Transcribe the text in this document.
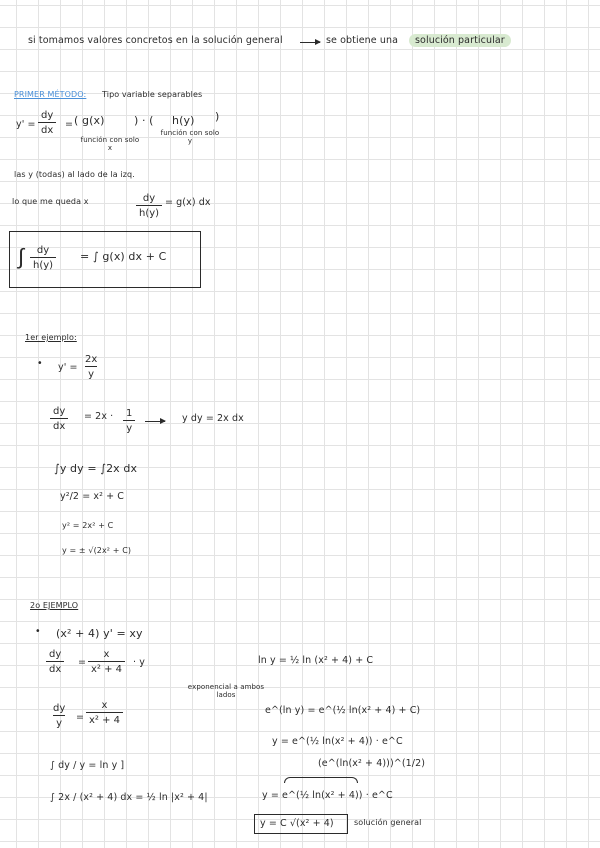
si tomamos valores concretos en la solución general	se obtiene una	solución particular
PRIMER MÉTODO: Tipo variable separables
$y' = \frac{dy}{dx}$ = ( g(x)	) · ( h(y) )
función con solo x
función con solo y
las y (todas) al lado de la izq.
lo que me queda x	$\frac{dy}{h(y)} = g(x)$ dx
∫ $\frac{dy}{h(y)}$ = ∫ g(x) dx + C
1er ejemplo:
• $y' = \frac{2x}{y}$
$\frac{dy}{dx} = 2x \cdot \frac{1}{y}$	y dy = 2x dx
∫y dy = ∫2x dx
y²/2 = x² + C
y² = 2x² + C
y = ± √(2x² + C)
2o EJEMPLO
• (x² + 4) y' = xy
$\frac{dy}{dx} = \frac{x}{\text{x² + 4}} \cdot y$
$\frac{dy}{y} = \frac{x}{\text{x² + 4}}$
∫ dy / y = ln y ]
∫ 2x / (x² + 4) dx = ½ ln |x² + 4|
ln y = ½ ln (x² + 4) + C
exponencial a ambos lados
e^(ln y) = e^(½ ln(x² + 4) + C)
y = e^(½ ln(x² + 4)) · e^C
(e^(ln(x² + 4)))^(1/2)
y = e^(½ ln(x² + 4)) · e^C
y = C √(x² + 4)	solución general
